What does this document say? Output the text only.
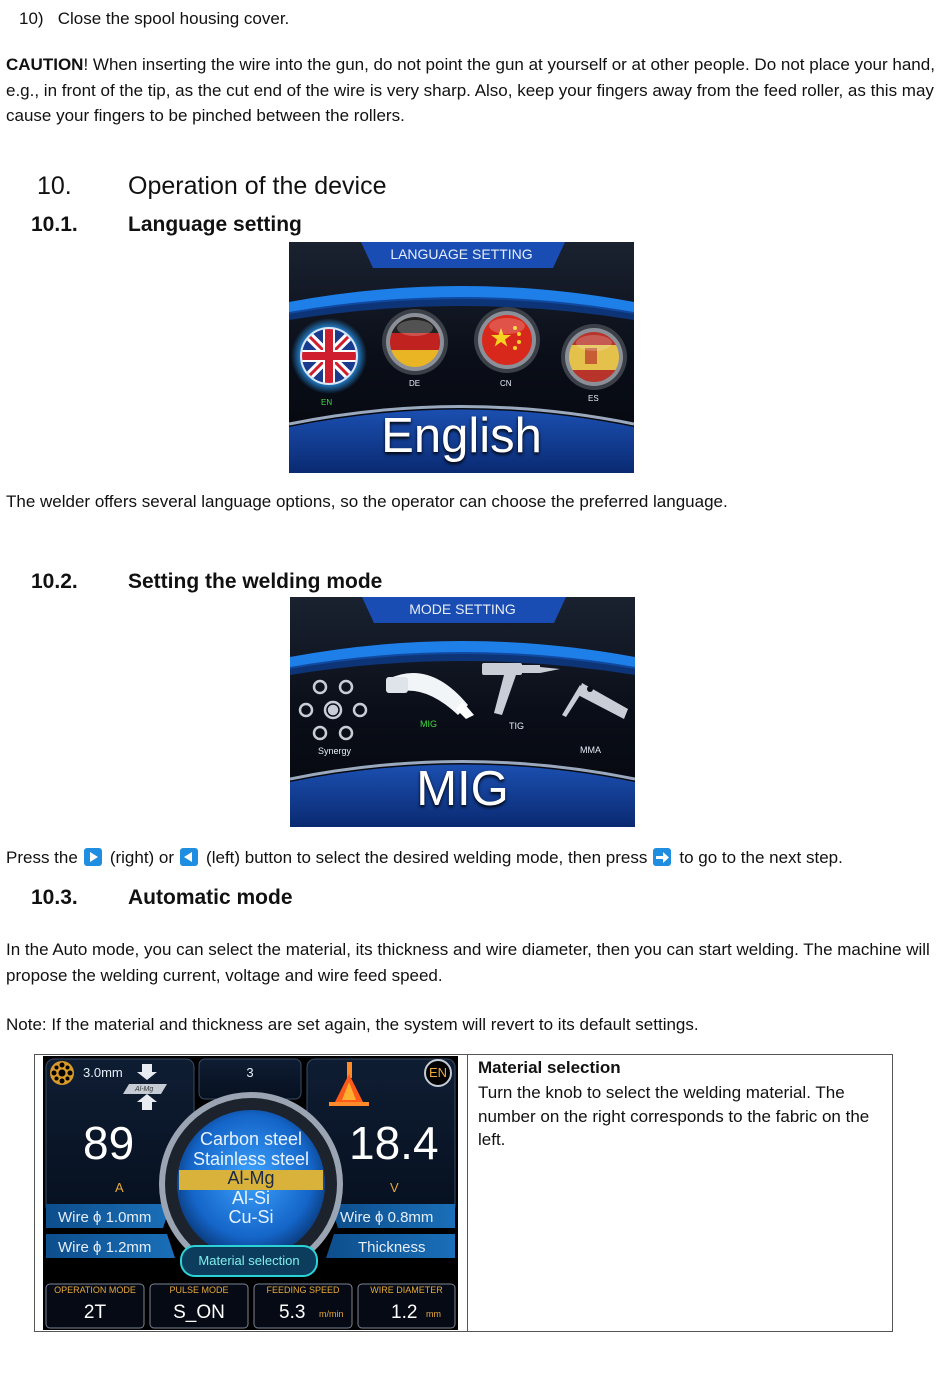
10) Close the spool housing cover.

CAUTION! When inserting the wire into the gun, do not point the gun at yourself or at other people. Do not place your hand, e.g., in front of the tip, as the cut end of the wire is very sharp. Also, keep your fingers away from the feed roller, as this may cause your fingers to be pinched between the rollers.

10. Operation of the device
10.1. Language setting
LANGUAGE SETTING
EN
DE	CN
ES
English

The welder offers several language options, so the operator can choose the preferred language.

10.2. Setting the welding mode
MODE SETTING
Synergy
MIG	TIG
MMA
MIG

Press the (right) or (left) button to select the desired welding mode, then press to go to the next step.

10.3. Automatic mode

In the Auto mode, you can select the material, its thickness and wire diameter, then you can start welding. The machine will propose the welding current, voltage and wire feed speed.

Note: If the material and thickness are set again, the system will revert to its default settings.

Material selection
Turn the knob to select the welding material. The number on the right corresponds to the fabric on the left.
3.0mm
Al-Mg
3	EN
89
A
18.4
V
Carbon steel
Stainless steel
Al-Mg
Al-Si
Cu-Si
Wire ϕ 1.0mm
Wire ϕ 1.2mm
Wire ϕ 0.8mm
Thickness
Material selection
OPERATION MODE
2T
PULSE MODE
S_ON
FEEDING SPEED
5.3 m/min
WIRE DIAMETER
1.2 mm
